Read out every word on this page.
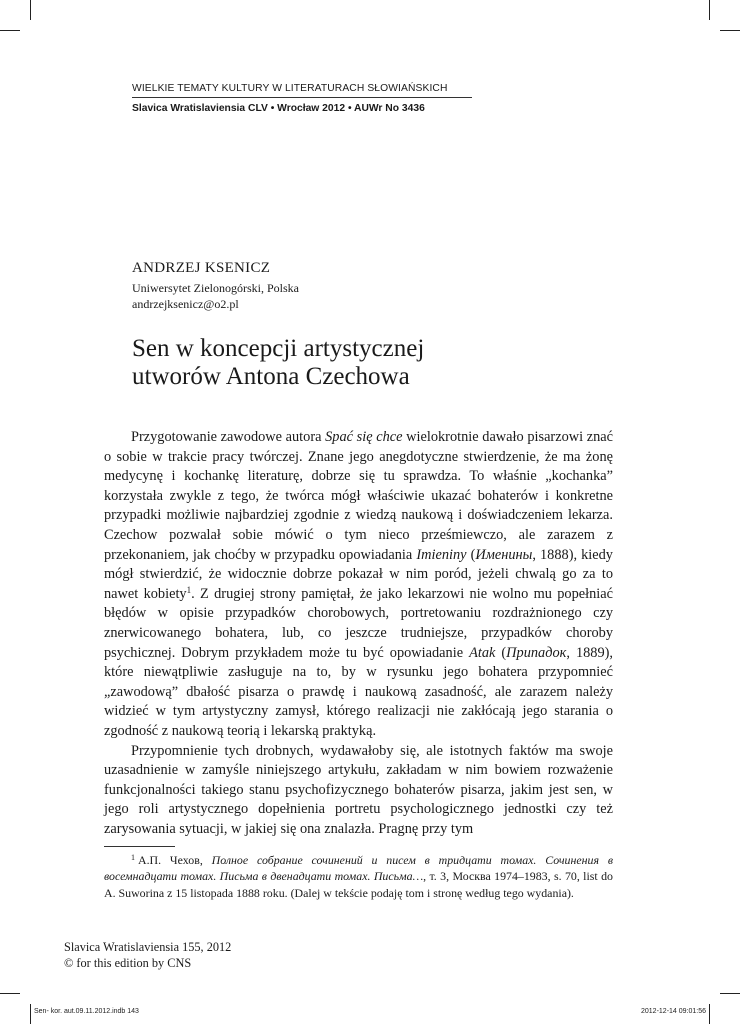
WIELKIE TEMATY KULTURY W LITERATURACH SŁOWIAŃSKICH
Slavica Wratislaviensia CLV • Wrocław 2012 • AUWr No 3436
ANDRZEJ KSENICZ
Uniwersytet Zielonogórski, Polska
andrzejksenicz@o2.pl
Sen w koncepcji artystycznej
utworów Antona Czechowa

Przygotowanie zawodowe autora Spać się chce wielokrotnie dawało pisarzowi znać o sobie w trakcie pracy twórczej. Znane jego anegdotyczne stwierdzenie, że ma żonę medycynę i kochankę literaturę, dobrze się tu sprawdza. To właśnie „kochanka” korzystała zwykle z tego, że twórca mógł właściwie ukazać bohaterów i konkretne przypadki możliwie najbardziej zgodnie z wiedzą naukową i doświadczeniem lekarza. Czechow pozwalał sobie mówić o tym nieco prześmiewczo, ale zarazem z przekonaniem, jak choćby w przypadku opowiadania Imieniny (Именины, 1888), kiedy mógł stwierdzić, że widocznie dobrze pokazał w nim poród, jeżeli chwalą go za to nawet kobiety$^1$. Z drugiej strony pamiętał, że jako lekarzowi nie wolno mu popełniać błędów w opisie przypadków chorobowych, portretowaniu rozdrażnionego czy znerwicowanego bohatera, lub, co jeszcze trudniejsze, przypadków choroby psychicznej. Dobrym przykładem może tu być opowiadanie Atak (Припадок, 1889), które niewątpliwie zasługuje na to, by w rysunku jego bohatera przypomnieć „zawodową” dbałość pisarza o prawdę i naukową zasadność, ale zarazem należy widzieć w tym artystyczny zamysł, którego realizacji nie zakłócają jego starania o zgodność z naukową teorią i lekarską praktyką.

Przypomnienie tych drobnych, wydawałoby się, ale istotnych faktów ma swoje uzasadnienie w zamyśle niniejszego artykułu, zakładam w nim bowiem rozważenie funkcjonalności takiego stanu psychofizycznego bohaterów pisarza, jakim jest sen, w jego roli artystycznego dopełnienia portretu psychologicznego jednostki czy też zarysowania sytuacji, w jakiej się ona znalazła. Pragnę przy tym

$^1$ А.П. Чехов, Полное собрание сочинений и писем в тридцати томах. Сочинения в восемнадцати томах. Письма в двенадцати томах. Письма…, т. 3, Москва 1974–1983, s. 70, list do A. Suworina z 15 listopada 1888 roku. (Dalej w tekście podaję tom i stronę według tego wydania).
Slavica Wratislaviensia 155, 2012
© for this edition by CNS
Sen- kor. aut.09.11.2012.indb 143	2012-12-14 09:01:56
